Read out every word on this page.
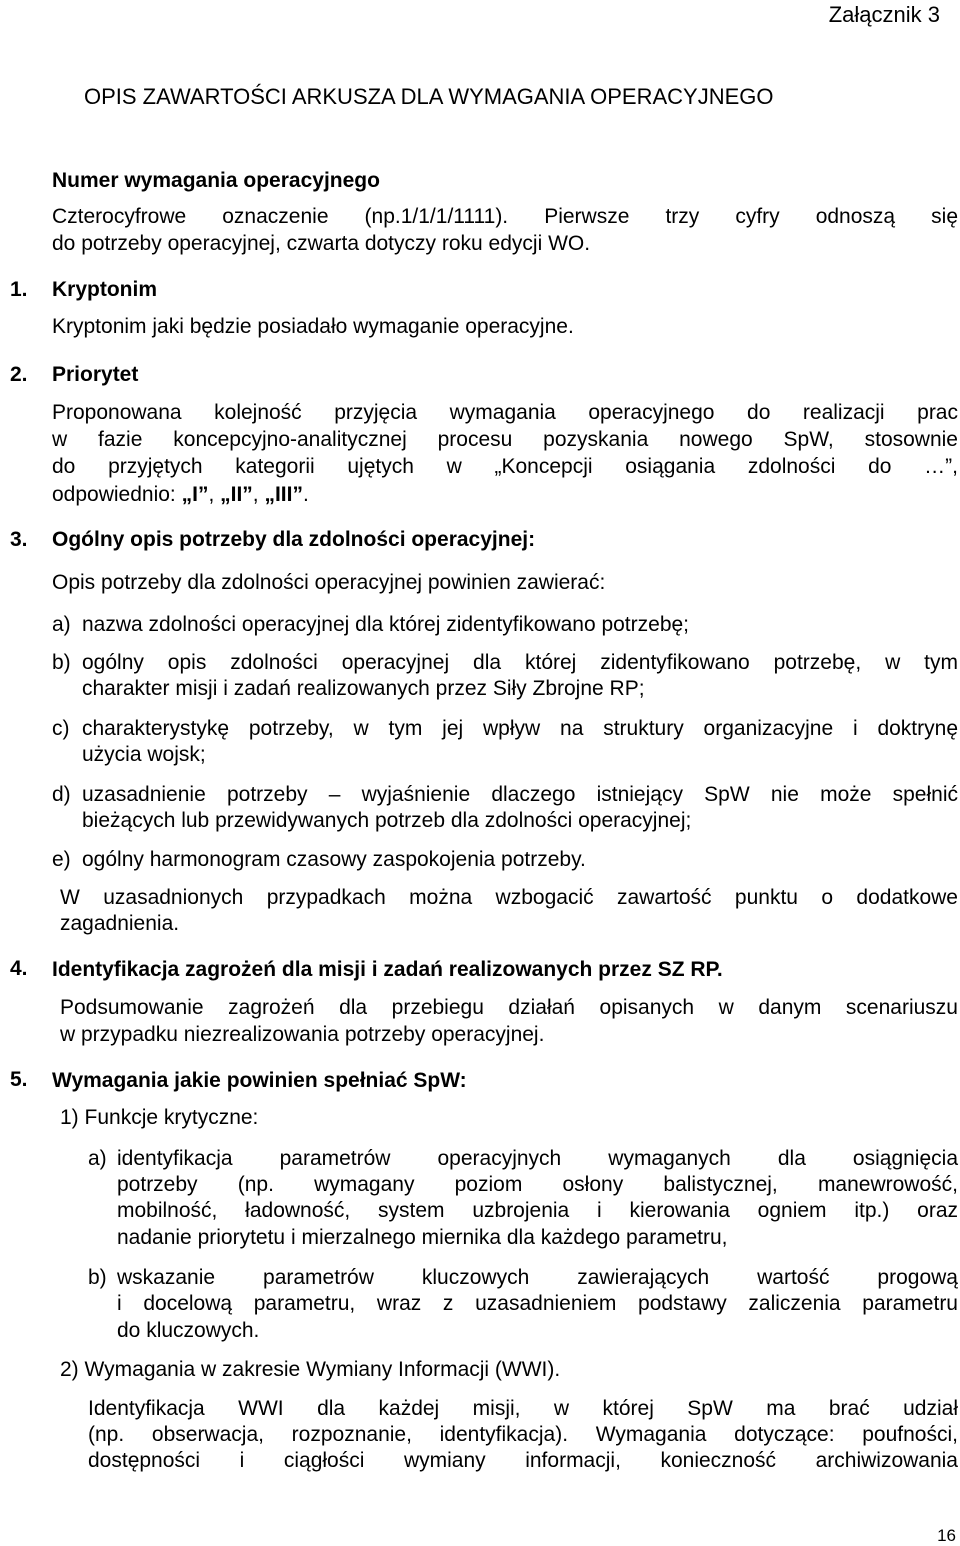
Załącznik 3
OPIS ZAWARTOŚCI ARKUSZA DLA WYMAGANIA OPERACYJNEGO
Numer wymagania operacyjnego
Czterocyfrowe oznaczenie (np.1/1/1/1111). Pierwsze trzy cyfry odnoszą się
do potrzeby operacyjnej, czwarta dotyczy roku edycji WO.
1. Kryptonim
Kryptonim jaki będzie posiadało wymaganie operacyjne.
2. Priorytet
Proponowana kolejność przyjęcia wymagania operacyjnego do realizacji prac
w fazie koncepcyjno-analitycznej procesu pozyskania nowego SpW, stosownie
do przyjętych kategorii ujętych w „Koncepcji osiągania zdolności do …”,
odpowiednio: „I”, „II”, „III”.
3. Ogólny opis potrzeby dla zdolności operacyjnej:
Opis potrzeby dla zdolności operacyjnej powinien zawierać:
a) nazwa zdolności operacyjnej dla której zidentyfikowano potrzebę;
b) ogólny opis zdolności operacyjnej dla której zidentyfikowano potrzebę, w tym
charakter misji i zadań realizowanych przez Siły Zbrojne RP;
c) charakterystykę potrzeby, w tym jej wpływ na struktury organizacyjne i doktrynę
użycia wojsk;
d) uzasadnienie potrzeby – wyjaśnienie dlaczego istniejący SpW nie może spełnić
bieżących lub przewidywanych potrzeb dla zdolności operacyjnej;
e) ogólny harmonogram czasowy zaspokojenia potrzeby.
W uzasadnionych przypadkach można wzbogacić zawartość punktu o dodatkowe
zagadnienia.
4. Identyfikacja zagrożeń dla misji i zadań realizowanych przez SZ RP.
Podsumowanie zagrożeń dla przebiegu działań opisanych w danym scenariuszu
w przypadku niezrealizowania potrzeby operacyjnej.
5. Wymagania jakie powinien spełniać SpW:
1) Funkcje krytyczne:
a) identyfikacja parametrów operacyjnych wymaganych dla osiągnięcia
potrzeby (np. wymagany poziom osłony balistycznej, manewrowość,
mobilność, ładowność, system uzbrojenia i kierowania ogniem itp.) oraz
nadanie priorytetu i mierzalnego miernika dla każdego parametru,
b) wskazanie parametrów kluczowych zawierających wartość progową
i docelową parametru, wraz z uzasadnieniem podstawy zaliczenia parametru
do kluczowych.
2) Wymagania w zakresie Wymiany Informacji (WWI).
Identyfikacja WWI dla każdej misji, w której SpW ma brać udział
(np. obserwacja, rozpoznanie, identyfikacja). Wymagania dotyczące: poufności,
dostępności i ciągłości wymiany informacji, konieczność archiwizowania
16
